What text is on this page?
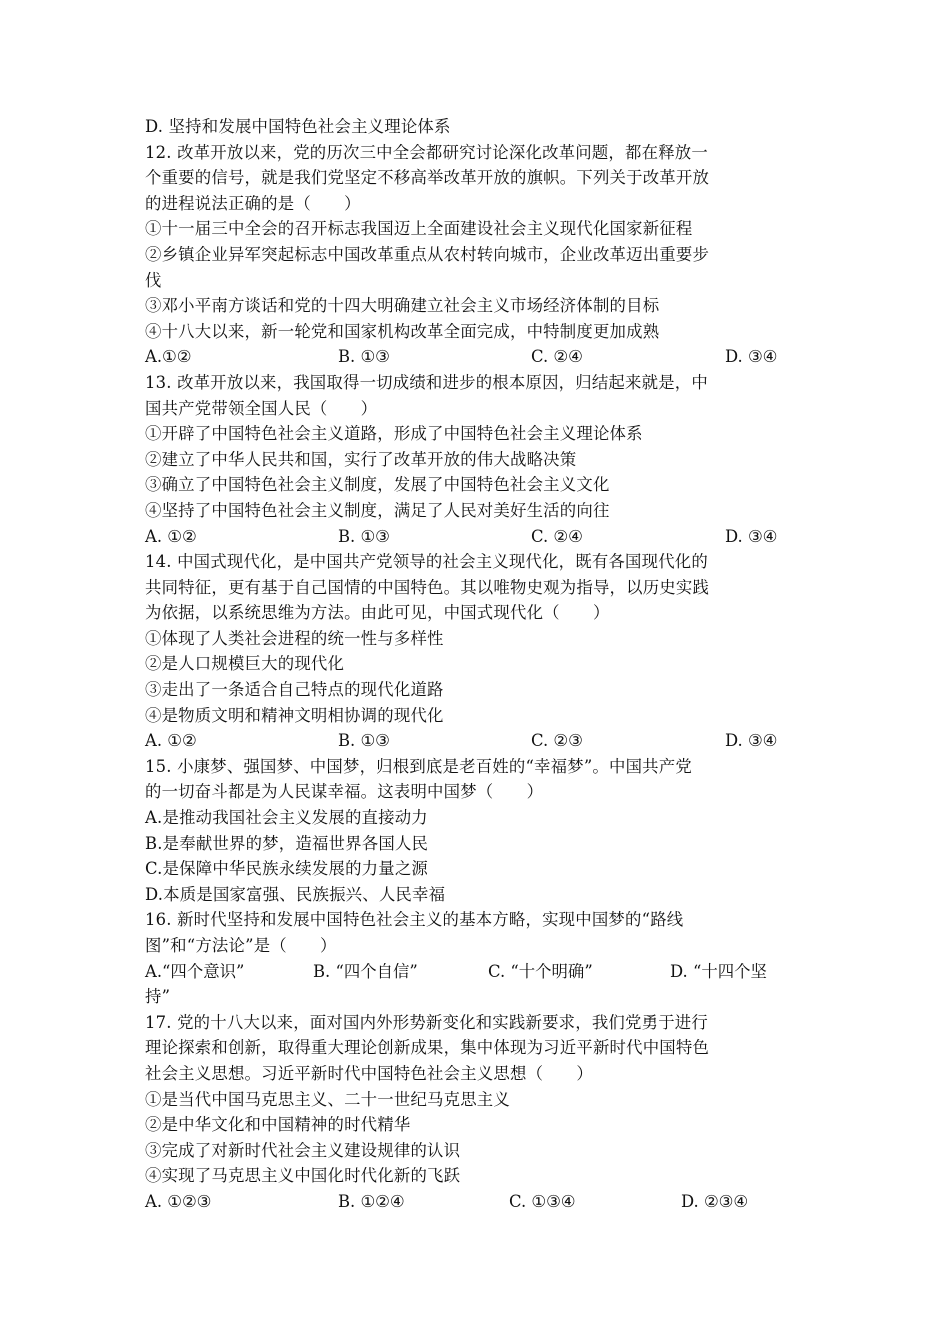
D. 坚持和发展中国特色社会主义理论体系
12. 改革开放以来，党的历次三中全会都研究讨论深化改革问题，都在释放一
个重要的信号，就是我们党坚定不移高举改革开放的旗帜。下列关于改革开放
的进程说法正确的是（　　）
①十一届三中全会的召开标志我国迈上全面建设社会主义现代化国家新征程
②乡镇企业异军突起标志中国改革重点从农村转向城市，企业改革迈出重要步
伐
③邓小平南方谈话和党的十四大明确建立社会主义市场经济体制的目标
④十八大以来，新一轮党和国家机构改革全面完成，中特制度更加成熟
A.①②	B. ①③	C. ②④	D. ③④
13. 改革开放以来，我国取得一切成绩和进步的根本原因，归结起来就是，中
国共产党带领全国人民（　　）
①开辟了中国特色社会主义道路，形成了中国特色社会主义理论体系
②建立了中华人民共和国，实行了改革开放的伟大战略决策
③确立了中国特色社会主义制度，发展了中国特色社会主义文化
④坚持了中国特色社会主义制度，满足了人民对美好生活的向往
A. ①②	B. ①③	C. ②④	D. ③④
14. 中国式现代化，是中国共产党领导的社会主义现代化，既有各国现代化的
共同特征，更有基于自己国情的中国特色。其以唯物史观为指导，以历史实践
为依据，以系统思维为方法。由此可见，中国式现代化（　　）
①体现了人类社会进程的统一性与多样性
②是人口规模巨大的现代化
③走出了一条适合自己特点的现代化道路
④是物质文明和精神文明相协调的现代化
A. ①②	B. ①③	C. ②③	D. ③④
15. 小康梦、强国梦、中国梦，归根到底是老百姓的“幸福梦”。中国共产党
的一切奋斗都是为人民谋幸福。这表明中国梦（　　）
A.是推动我国社会主义发展的直接动力
B.是奉献世界的梦，造福世界各国人民
C.是保障中华民族永续发展的力量之源
D.本质是国家富强、民族振兴、人民幸福
16. 新时代坚持和发展中国特色社会主义的基本方略，实现中国梦的“路线
图”和“方法论”是（　　）
A.“四个意识”	B. “四个自信”	C. “十个明确”	D. “十四个坚
持”
17. 党的十八大以来，面对国内外形势新变化和实践新要求，我们党勇于进行
理论探索和创新，取得重大理论创新成果，集中体现为习近平新时代中国特色
社会主义思想。习近平新时代中国特色社会主义思想（　　）
①是当代中国马克思主义、二十一世纪马克思主义
②是中华文化和中国精神的时代精华
③完成了对新时代社会主义建设规律的认识
④实现了马克思主义中国化时代化新的飞跃
A. ①②③	B. ①②④	C. ①③④	D. ②③④
